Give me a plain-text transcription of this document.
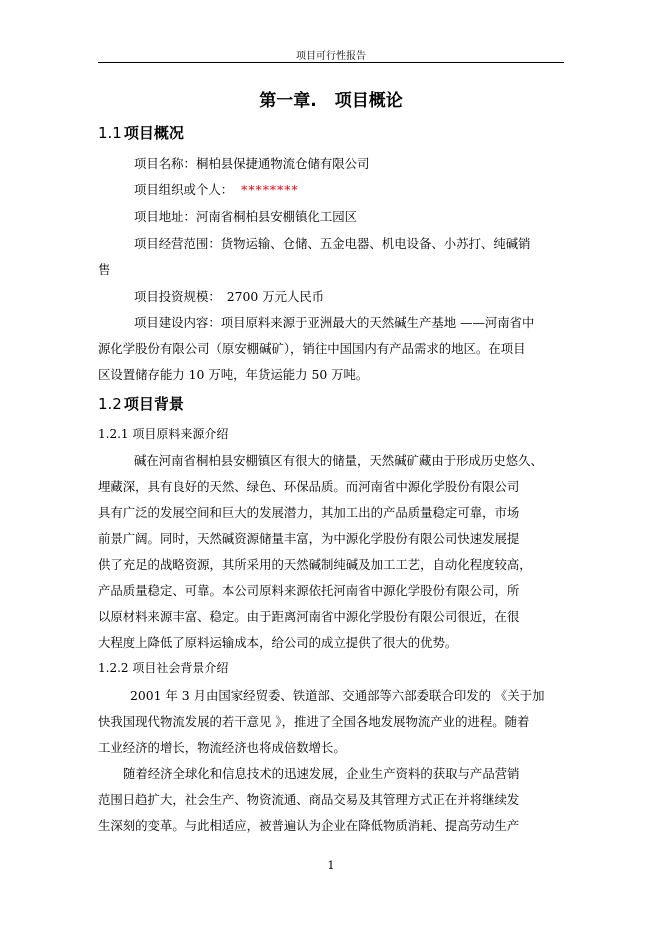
项目可行性报告
第一章. 项目概论
1.1 项目概况
项目名称：桐柏县保捷通物流仓储有限公司
项目组织或个人： ********
项目地址：河南省桐柏县安棚镇化工园区
项目经营范围：货物运输、仓储、五金电器、机电设备、小苏打、纯碱销
售
项目投资规模： 2700 万元人民币
项目建设内容：项目原料来源于亚洲最大的天然碱生产基地 ——河南省中
源化学股份有限公司（原安棚碱矿），销往中国国内有产品需求的地区。在项目
区设置储存能力 10 万吨，年货运能力 50 万吨。
1.2 项目背景
1.2.1 项目原料来源介绍
碱在河南省桐柏县安棚镇区有很大的储量，天然碱矿藏由于形成历史悠久、
埋藏深，具有良好的天然、绿色、环保品质。而河南省中源化学股份有限公司
具有广泛的发展空间和巨大的发展潜力，其加工出的产品质量稳定可靠，市场
前景广阔。同时，天然碱资源储量丰富，为中源化学股份有限公司快速发展提
供了充足的战略资源，其所采用的天然碱制纯碱及加工工艺，自动化程度较高，
产品质量稳定、可靠。本公司原料来源依托河南省中源化学股份有限公司，所
以原材料来源丰富、稳定。由于距离河南省中源化学股份有限公司很近，在很
大程度上降低了原料运输成本，给公司的成立提供了很大的优势。
1.2.2 项目社会背景介绍
2001 年 3 月由国家经贸委、铁道部、交通部等六部委联合印发的 《关于加
快我国现代物流发展的若干意见 》，推进了全国各地发展物流产业的进程。随着
工业经济的增长，物流经济也将成倍数增长。
随着经济全球化和信息技术的迅速发展，企业生产资料的获取与产品营销
范围日趋扩大，社会生产、物资流通、商品交易及其管理方式正在并将继续发
生深刻的变革。与此相适应，被普遍认为企业在降低物质消耗、提高劳动生产
1
